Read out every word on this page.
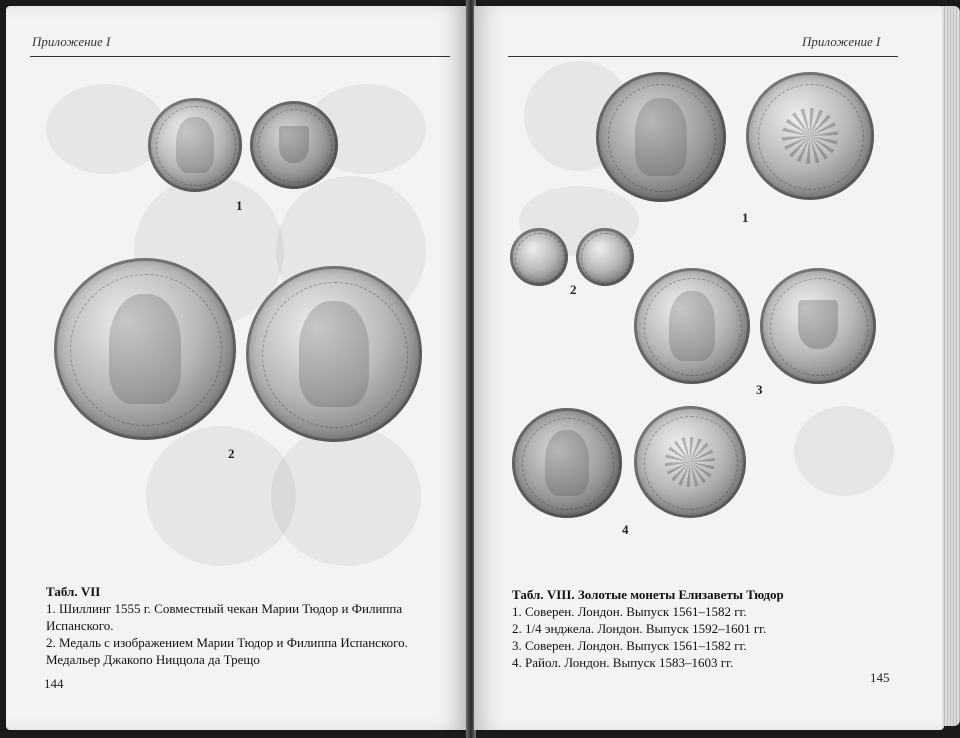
Приложение I
1
2
Табл. VII
1. Шиллинг 1555 г. Совместный чекан Марии Тюдор и Филиппа
Испанского.
2. Медаль с изображением Марии Тюдор и Филиппа Испанского.
Медальер Джакопо Ниццола да Трещо
144
Приложение I
1
2
3
4
Табл. VIII. Золотые монеты Елизаветы Тюдор
1. Соверен. Лондон. Выпуск 1561–1582 гг.
2. 1/4 энджела. Лондон. Выпуск 1592–1601 гг.
3. Соверен. Лондон. Выпуск 1561–1582 гг.
4. Райол. Лондон. Выпуск 1583–1603 гг.
145
